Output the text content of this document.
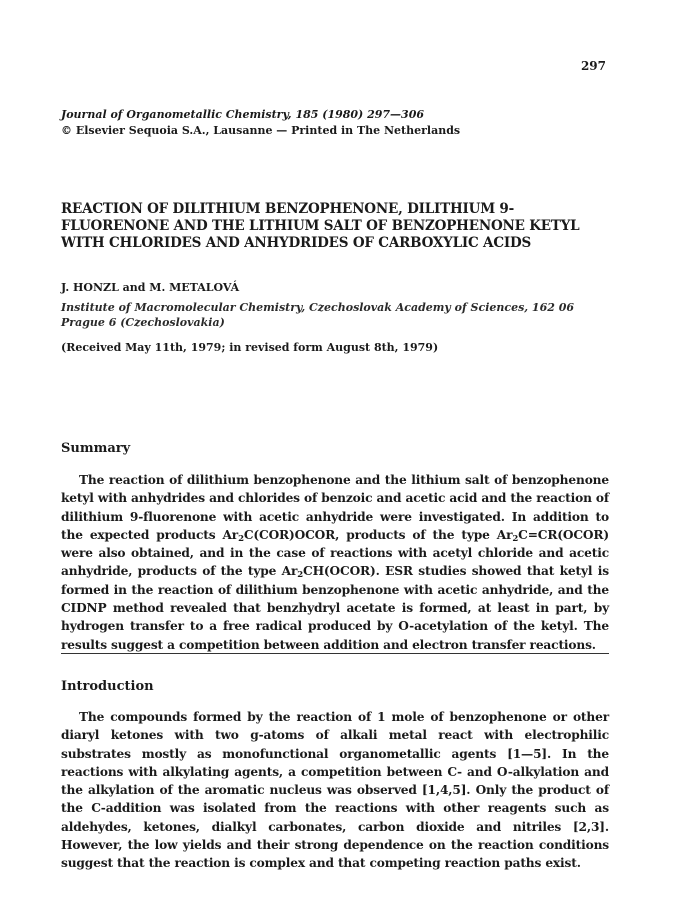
297
Journal of Organometallic Chemistry, 185 (1980) 297—306
© Elsevier Sequoia S.A., Lausanne — Printed in The Netherlands
REACTION OF DILITHIUM BENZOPHENONE, DILITHIUM 9-FLUORENONE AND THE LITHIUM SALT OF BENZOPHENONE KETYL WITH CHLORIDES AND ANHYDRIDES OF CARBOXYLIC ACIDS
J. HONZL and M. METALOVÁ
Institute of Macromolecular Chemistry, Czechoslovak Academy of Sciences, 162 06 Prague 6 (Czechoslovakia)
(Received May 11th, 1979; in revised form August 8th, 1979)
Summary

The reaction of dilithium benzophenone and the lithium salt of benzophenone ketyl with anhydrides and chlorides of benzoic and acetic acid and the reaction of dilithium 9-fluorenone with acetic anhydride were investigated. In addition to the expected products $Ar_2C(COR)OCOR$, products of the type $Ar_2C=CR(OCOR)$ were also obtained, and in the case of reactions with acetyl chloride and acetic anhydride, products of the type $Ar_2CH(OCOR)$. ESR studies showed that ketyl is formed in the reaction of dilithium benzophenone with acetic anhydride, and the CIDNP method revealed that benzhydryl acetate is formed, at least in part, by hydrogen transfer to a free radical produced by O-acetylation of the ketyl. The results suggest a competition between addition and electron transfer reactions.

Introduction

The compounds formed by the reaction of 1 mole of benzophenone or other diaryl ketones with two g-atoms of alkali metal react with electrophilic substrates mostly as monofunctional organometallic agents [1—5]. In the reactions with alkylating agents, a competition between C- and O-alkylation and the alkylation of the aromatic nucleus was observed [1,4,5]. Only the product of the C-addition was isolated from the reactions with other reagents such as aldehydes, ketones, dialkyl carbonates, carbon dioxide and nitriles [2,3]. However, the low yields and their strong dependence on the reaction conditions suggest that the reaction is complex and that competing reaction paths exist.
